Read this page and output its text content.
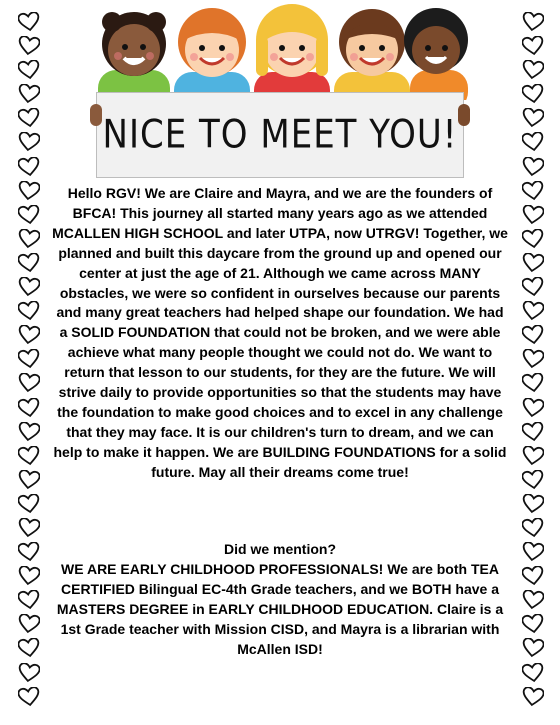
NICE TO MEET YOU!

Hello RGV! We are Claire and Mayra, and we are the founders of BFCA! This journey all started many years ago as we attended MCALLEN HIGH SCHOOL and later UTPA, now UTRGV! Together, we planned and built this daycare from the ground up and opened our center at just the age of 21. Although we came across MANY obstacles, we were so confident in ourselves because our parents and many great teachers had helped shape our foundation. We had a SOLID FOUNDATION that could not be broken, and we were able achieve what many people thought we could not do. We want to return that lesson to our students, for they are the future. We will strive daily to provide opportunities so that the students may have the foundation to make good choices and to excel in any challenge that they may face. It is our children's turn to dream, and we can help to make it happen. We are BUILDING FOUNDATIONS for a solid future. May all their dreams come true!

Did we mention?

WE ARE EARLY CHILDHOOD PROFESSIONALS! We are both TEA CERTIFIED Bilingual EC-4th Grade teachers, and we BOTH have a MASTERS DEGREE in EARLY CHILDHOOD EDUCATION. Claire is a 1st Grade teacher with Mission CISD, and Mayra is a librarian with McAllen ISD!
